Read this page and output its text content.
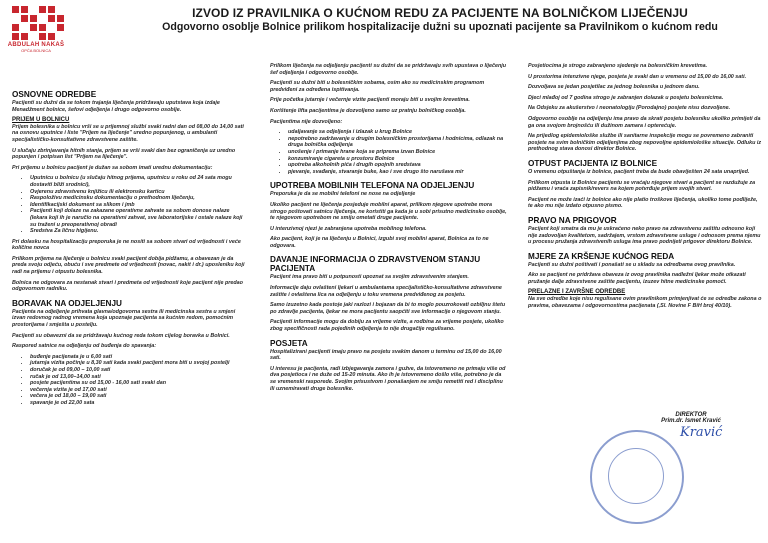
ABDULAH NAKAŠ
OPĆA BOLNICA
IZVOD IZ PRAVILNIKA O KUĆNOM REDU ZA PACIJENTE NA BOLNIČKOM LIJEČENJU
Odgovorno osoblje Bolnice prilikom hospitalizacije dužni su upoznati pacijente sa Pravilnikom o kućnom redu
OSNOVNE ODREDBE

Pacijenti su dužni da se tokom trajanja liječenja pridržavaju uputstava koja izdaje Menadžment bolnice, šefovi odjeljenja i drugo odgovorno osoblje.

PRIJEM U BOLNICU

Prijem bolesnika u bolnicu vrši se u prijemnoj službi svaki radni dan od 08,00 do 14,00 sati na osnovu uputnice i liste "Prijem na liječenje" uredno popunjenog, u ambulanti specijalističko-konsultativne zdravstvene zaštite.

U slučaju zbrinjavanja hitnih stanja, prijem se vrši svaki dan bez ograničenja uz uredno popunjen i potpisan list "Prijem na liječenje".

Pri prijemu u bolnicu pacijent je dužan sa sobom imati urednu dokumentaciju:

• Uputnicu u bolnicu (u slučaju hitnog prijema, uputnicu u roku od 24 sata mogu dostaviti bliži srodnici),
• Ovjerenu zdravstvenu knjižicu ili elektronsku karticu
• Raspoloživu medicinsku dokumentaciju o prethodnom liječenju,
• Identifikacijski dokument sa slikom i jmb
• Pacijenti koji dolaze na zakazane operativne zahvate sa sobom donose nalaze (lekara koji ih je naručio na operativni zahvat, sve laboratorijske i ostale nalaze koji su traženi u preoperativnoj obradi
• Sredstva Za ličnu higijenu.

Pri dolasku na hospitalizaciju preporuka je ne nositi sa sobom stvari od vrijednosti i veće količine novca

Prilikom prijema na liječenje u bolnicu svaki pacijent dobija pidžamu, a obavezan je da preda svoju odjeću, obuću i sve predmete od vrijednosti (novac, nakit i dr.) uposleniku koji radi na prijemu i otpustu bolesnika.

Bolnica ne odgovara za nestanak stvari i predmeta od vrijednosti koje pacijent nije predao odgovornom radniku.

BORAVAK NA ODJELJENJU

Pacijenta na odjeljenje prihvata glavna/odgovorna sestra ili medicinska sestra u smjeni izvan redovnog radnog vremena koja upoznaje pacijenta sa kućnim redom, pomoćnim prostorijama i smješta u postelju.

Pacijenti su obavezni da se pridržavaju kućnog reda tokom cijelog boravka u Bolnici.

Raspored satnice na odjeljenju od buđenja do spavanja:

• buđenje pacijenata je u 6,00 sati
• jutarnja vizita počinje u 8,30 sati kada svaki pacijent mora biti u svojoj postelji
• doručak je od 09,00 – 10,00 sati
• ručak je od 13,00–14,00 sati
• posjete pacijentima su od 15,00 - 16,00 sati svaki dan
• večernja vizita je od 17,00 sati
• večera je od 18,00 – 19,00 sati
• spavanje je od 22,00 sata

Prilikom liječenja na odjeljenju pacijenti su dužni da se pridržavaju svih upustava o liječenju šef odjeljenja i odgovorno osoblje.

Pacijenti su dužni biti u bolesničkim sobama, osim ako su medicinskim programom predviđeni za određena ispitivanja.

Prije početka jutarnje i večernje vizite pacijenti moraju biti u svojim krevetima.

Korištenje lifta pacijentima je dozvoljeno samo uz pratnju bolničkog osoblja.

Pacijentima nije dozvoljeno:

• udaljavanje sa odjeljenja i izlazak u krug Bolnice
• nepotrebno zadržavanje u drugim bolesničkim prostorijama i hodnicima, odlazak na druga bolnička odjeljenja
• unošenje i primanje hrane koja se pripremа izvan Bolnice
• konzumiranje cigareta u prostoru Bolnice
• upotreba alkoholnih pića i drugih opojnih sredstava
• pjevanje, svađanje, stvaranje buke, kao i sve drugo što narušava mir
UPOTREBA MOBILNIH TELEFONA NA ODJELJENJU

Preporuka je da se mobilni telefoni ne nose na odjeljenje

Ukoliko pacijent ne liječenja posjeduje mobilni aparat, prilikom njegove upotrebe mora strogo poštovati satnicu liječenja, ne koristiti ga kada je u sobi prisutno medicinsko osoblje, te njegovom upotrebom ne smiju ometati druge pacijente.

U intenzivnoj njezi je zabranjena upotreba mobilnog telefona.

Ako pacijent, koji je na liječenju u Bolnici, izgubi svoj mobilni aparat, Bolnica za to ne odgovara.

DAVANJE INFORMACIJA O ZDRAVSTVENOM STANJU PACIJENTA

Pacijent ima pravo biti u potpunosti upoznat sa svojim zdravstvenim stanjem.

Informacije daju ovlašteni ljekari u ambulantama specijalističko-konsultativne zdravstvene zaštite i ovlaštena lica na odjeljenju u toku vremena predviđenog za posjetu.

Samo izuzetno kada postoje jaki razlozi i bojazan da bi to moglo pouzrokovati ozbiljnu štetu po zdravlje pacijenta, ljekar ne mora pacijentu saopćiti sve informacije o njegovom stanju.

Pacijenti informacije mogu da dobiju za vrijeme vizite, a rodbina za vrijeme posjete, ukoliko zbog specifičnosti rada pojedinih odjeljenja to nije drugačije regulisano.

POSJETA

Hospitalizirani pacijenti imaju pravo na posjetu svakim danom u terminu od 15,00 do 16,00 sati.

U interesu je pacijenta, radi izbjegavanja zamora i gužve, da istovremeno ne primaju više od dva posjetioca i ne duže od 15-20 minuta. Ako ih je istovremeno došlo više, potrebno je da se vremenski rasporede. Svojim prisustvom i ponašanjem ne smiju remetiti red i disciplinu ili uznemiravati druge bolesnike.

Posjetiocima je strogo zabranjeno sjedenje na bolesničkim krevetima.

U prostorima intenzivne njege, posjeta je svaki dan u vremenu od 15,00 do 16,00 sati.

Dozvoljava se jedan posjetilac za jednog bolesnika u jednom danu.

Djeci mlađoj od 7 godina strogo je zabranjen dolazak u posjetu bolesnicima.

Na Odsjeku za akušerstvo i neonatologiju (Porodajno) posjete nisu dozvoljene.

Odgovorno osoblje na odjeljenju ima pravo da skrati posjetu bolesniku ukoliko primijeti da ga ona svojom brojnošću ili dužinom zamara i opterećuje.

Na prijedlog epidemiološke službe ili sanitarne inspekcije mogu se povremeno zabraniti posjete na svim bolničkim odjeljenjima zbog nepovoljne epidemiološke situacije. Odluku iz prethodnog stava donosi direktor Bolnice.

OTPUST PACIJENTA IZ BOLNICE

O vremenu otpuštanja iz bolnice, pacijent treba da bude obaviješten 24 sata unaprijed.

Prilikom otpusta iz Bolnice pacijentu se vraćaju njegove stvari a pacijent se razdužuje za pidžamu i vraća zapisnik/revers na kojem potvrđuje prijem svojih stvari.

Pacijent ne može izaći iz bolnice ako nije platio troškove liječenja, ukoliko tome podliježe, te ako mu nije izdato otpusno pismo.

PRAVO NA PRIGOVOR

Pacijent koji smatra da mu je uskraćeno neko pravo na zdravstvenu zaštitu odnosno koji nije zadovoljan kvalitetom, sadržajem, vrstom zdravstvene usluge i odnosom prema njemu u procesu pružanja zdravstvenih usluga ima pravo podnijeti prigovor direktoru Bolnice.

MJERE ZA KRŠENJE KUĆNOG REDA

Pacijenti su dužni poštivati i ponašati se u skladu sa odredbama ovog pravilnika.

Ako se pacijent ne pridržava obaveza iz ovog pravilnika nadležni ljekar može otkazati pružanje dalje zdravstvene zaštite pacijentu, izuzev hitne medicinske pomoći.

PRELAZNE I ZAVRŠNE ODREDBE

Na sve odredbe koje nisu regulisane ovim pravilnikom primjenjivat će se odredbe zakona o pravima, obavezama i odgovornostima pacijenata (,Sl. Novine F BiH broj 40/10).

DIREKTOR
Prim.dr. Ismet Kravić
Kravić
